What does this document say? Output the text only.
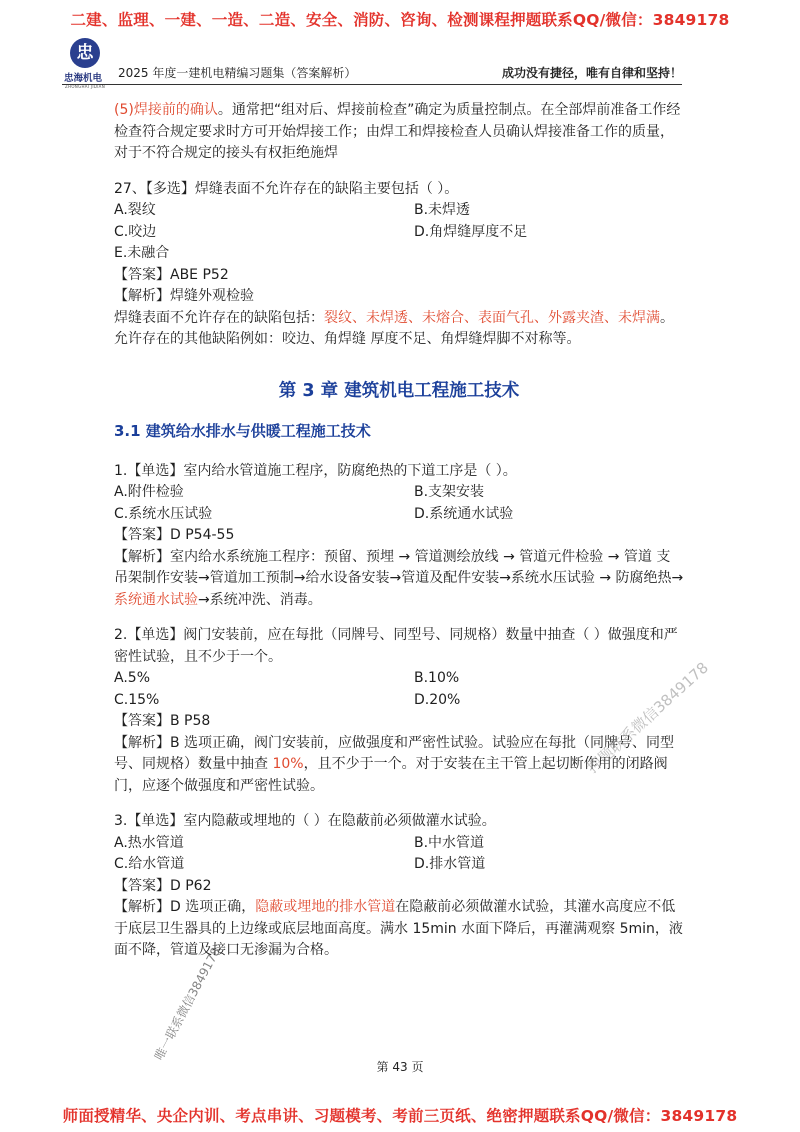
二建、监理、一建、一造、二造、安全、消防、咨询、检测课程押题联系QQ/微信：3849178
忠
忠海机电
ZHONGHAI JIDIAN
2025 年度一建机电精编习题集（答案解析）	成功没有捷径，唯有自律和坚持！

(5)焊接前的确认。通常把“组对后、焊接前检查”确定为质量控制点。在全部焊前准备工作经检查符合规定要求时方可开始焊接工作；由焊工和焊接检查人员确认焊接准备工作的质量，对于不符合规定的接头有权拒绝施焊

27、【多选】焊缝表面不允许存在的缺陷主要包括（ ）。

A.裂纹	B.未焊透
C.咬边	D.角焊缝厚度不足
E.未融合

【答案】ABE P52

【解析】焊缝外观检验

焊缝表面不允许存在的缺陷包括：裂纹、未焊透、未熔合、表面气孔、外露夹渣、未焊满。允许存在的其他缺陷例如：咬边、角焊缝 厚度不足、角焊缝焊脚不对称等。

第 3 章 建筑机电工程施工技术
3.1 建筑给水排水与供暖工程施工技术

1.【单选】室内给水管道施工程序，防腐绝热的下道工序是（ ）。

A.附件检验	B.支架安装
C.系统水压试验	D.系统通水试验

【答案】D P54-55

【解析】室内给水系统施工程序：预留、预埋 → 管道测绘放线 → 管道元件检验 → 管道 支吊架制作安装→管道加工预制→给水设备安装→管道及配件安装→系统水压试验 → 防腐绝热→系统通水试验→系统冲洗、消毒。

2.【单选】阀门安装前，应在每批（同牌号、同型号、同规格）数量中抽查（ ）做强度和严密性试验，且不少于一个。

A.5%	B.10%
C.15%	D.20%

【答案】B P58

【解析】B 选项正确，阀门安装前，应做强度和严密性试验。试验应在每批（同牌号、同型号、同规格）数量中抽查 10%，且不少于一个。对于安装在主干管上起切断作用的闭路阀门，应逐个做强度和严密性试验。

3.【单选】室内隐蔽或埋地的（ ）在隐蔽前必须做灌水试验。

A.热水管道	B.中水管道
C.给水管道	D.排水管道

【答案】D P62

【解析】D 选项正确，隐蔽或埋地的排水管道在隐蔽前必须做灌水试验，其灌水高度应不低于底层卫生器具的上边缘或底层地面高度。满水 15min 水面下降后，再灌满观察 5min，液面不降，管道及接口无渗漏为合格。

押题联系微信3849178
唯一联系微信3849178
第 43 页
师面授精华、央企内训、考点串讲、习题模考、考前三页纸、绝密押题联系QQ/微信：3849178
